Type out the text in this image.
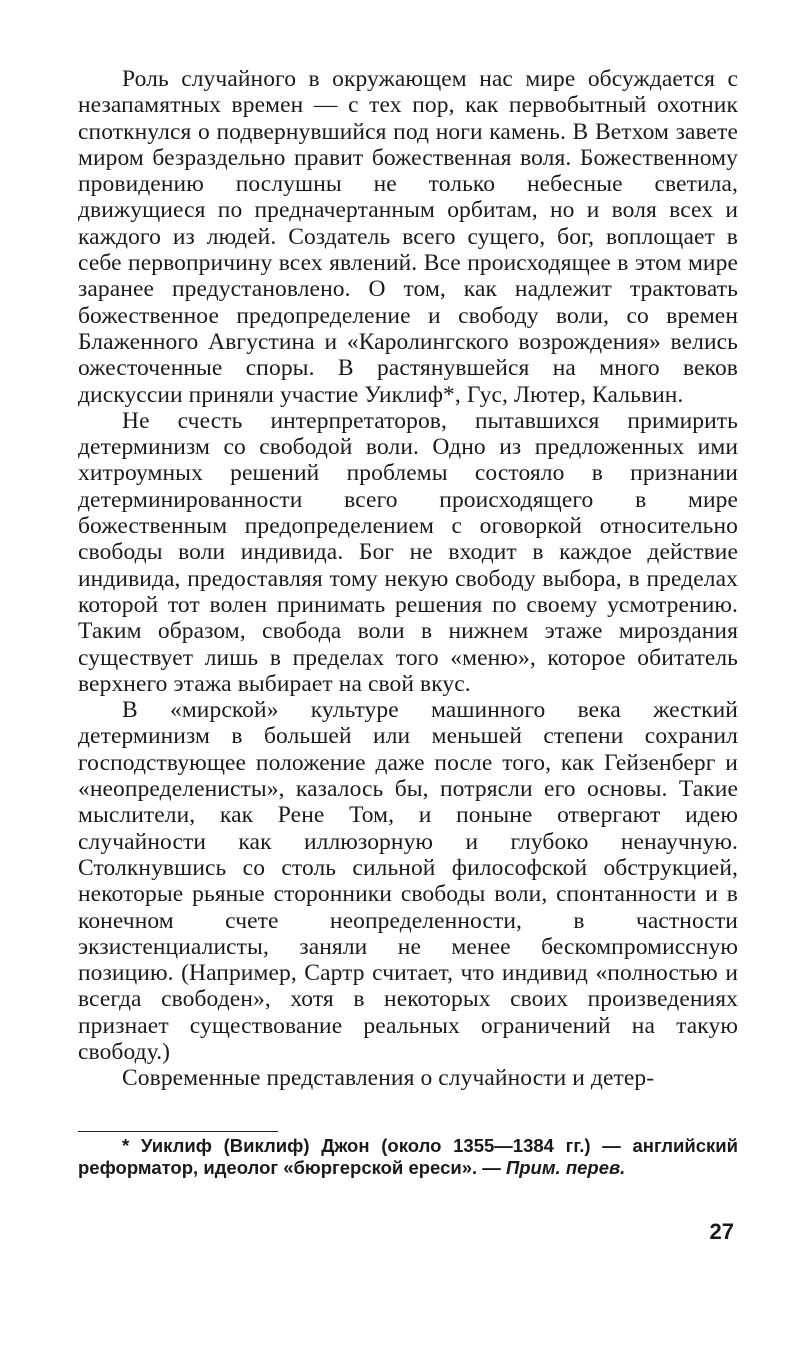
Роль случайного в окружающем нас мире обсуждается с незапамятных времен — с тех пор, как первобытный охотник споткнулся о подвернувшийся под ноги камень. В Ветхом завете миром безраздельно правит божественная воля. Божественному провидению послушны не только небесные светила, движущиеся по предначертанным орбитам, но и воля всех и каждого из людей. Создатель всего сущего, бог, воплощает в себе первопричину всех явлений. Все происходящее в этом мире заранее предустановлено. О том, как надлежит трактовать божественное предопределение и свободу воли, со времен Блаженного Августина и «Каролингского возрождения» велись ожесточенные споры. В растянувшейся на много веков дискуссии приняли участие Уиклиф*, Гус, Лютер, Кальвин.

Не счесть интерпретаторов, пытавшихся примирить детерминизм со свободой воли. Одно из предложенных ими хитроумных решений проблемы состояло в признании детерминированности всего происходящего в мире божественным предопределением с оговоркой относительно свободы воли индивида. Бог не входит в каждое действие индивида, предоставляя тому некую свободу выбора, в пределах которой тот волен принимать решения по своему усмотрению. Таким образом, свобода воли в нижнем этаже мироздания существует лишь в пределах того «меню», которое обитатель верхнего этажа выбирает на свой вкус.

В «мирской» культуре машинного века жесткий детерминизм в большей или меньшей степени сохранил господствующее положение даже после того, как Гейзенберг и «неопределенисты», казалось бы, потрясли его основы. Такие мыслители, как Рене Том, и поныне отвергают идею случайности как иллюзорную и глубоко ненаучную. Столкнувшись со столь сильной философской обструкцией, некоторые рьяные сторонники свободы воли, спонтанности и в конечном счете неопределенности, в частности экзистенциалисты, заняли не менее бескомпромиссную позицию. (Например, Сартр считает, что индивид «полностью и всегда свободен», хотя в некоторых своих произведениях признает существование реальных ограничений на такую свободу.)

Современные представления о случайности и детер-

* Уиклиф (Виклиф) Джон (около 1355—1384 гг.) — английский реформатор, идеолог «бюргерской ереси». — Прим. перев.

27
